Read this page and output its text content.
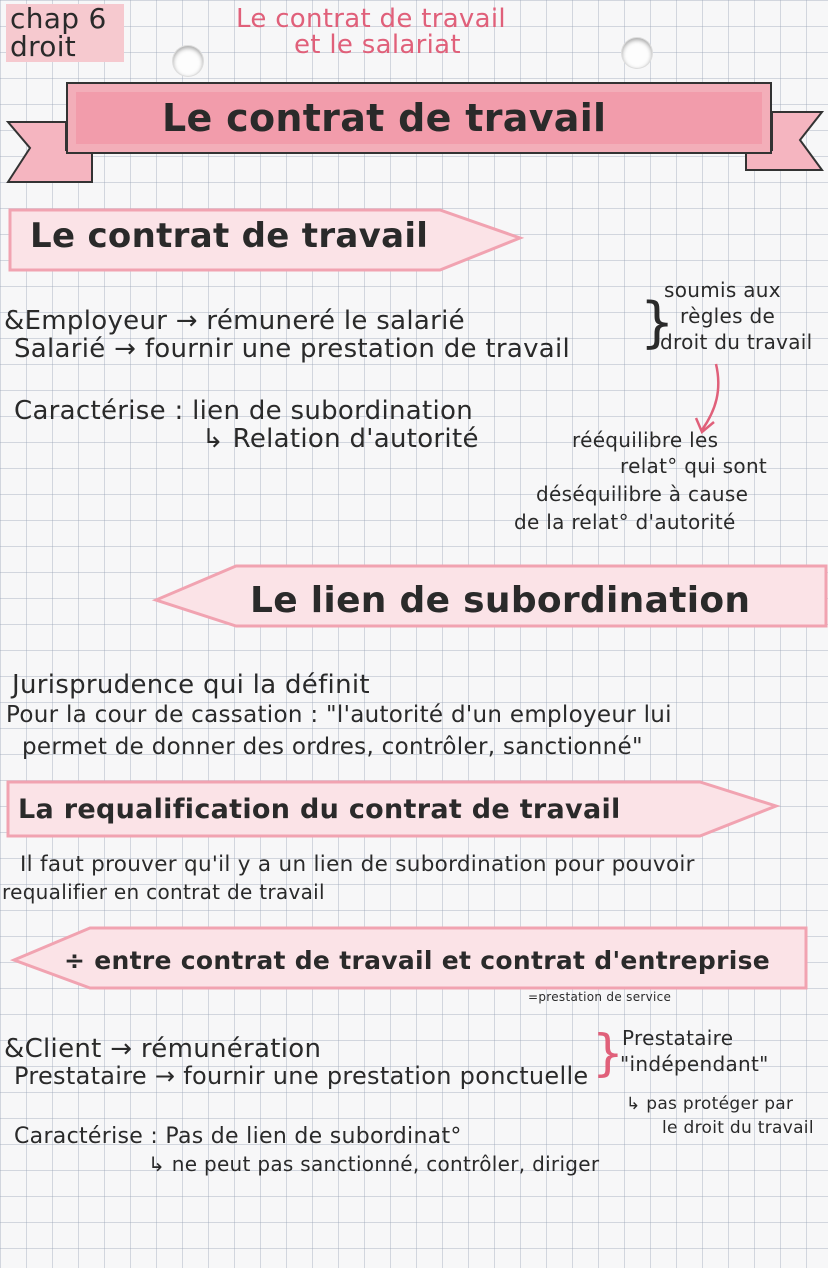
chap 6
droit
Le contrat de travail
et le salariat
Le contrat de travail
Le contrat de travail
&Employeur → rémuneré le salarié
Salarié → fournir une prestation de travail }
soumis aux
règles de
droit du travail
Caractérise : lien de subordination
↳ Relation d'autorité	rééquilibre les
relat° qui sont
déséquilibre à cause
de la relat° d'autorité
Le lien de subordination
Jurisprudence qui la définit
Pour la cour de cassation : "l'autorité d'un employeur lui
permet de donner des ordres, contrôler, sanctionné"
La requalification du contrat de travail
Il faut prouver qu'il y a un lien de subordination pour pouvoir
requalifier en contrat de travail
÷ entre contrat de travail et contrat d'entreprise
=prestation de service
&Client → rémunération
Prestataire → fournir une prestation ponctuelle }
Prestataire
"indépendant"
↳ pas protéger par
le droit du travail
Caractérise : Pas de lien de subordinat°
↳ ne peut pas sanctionné, contrôler, diriger
